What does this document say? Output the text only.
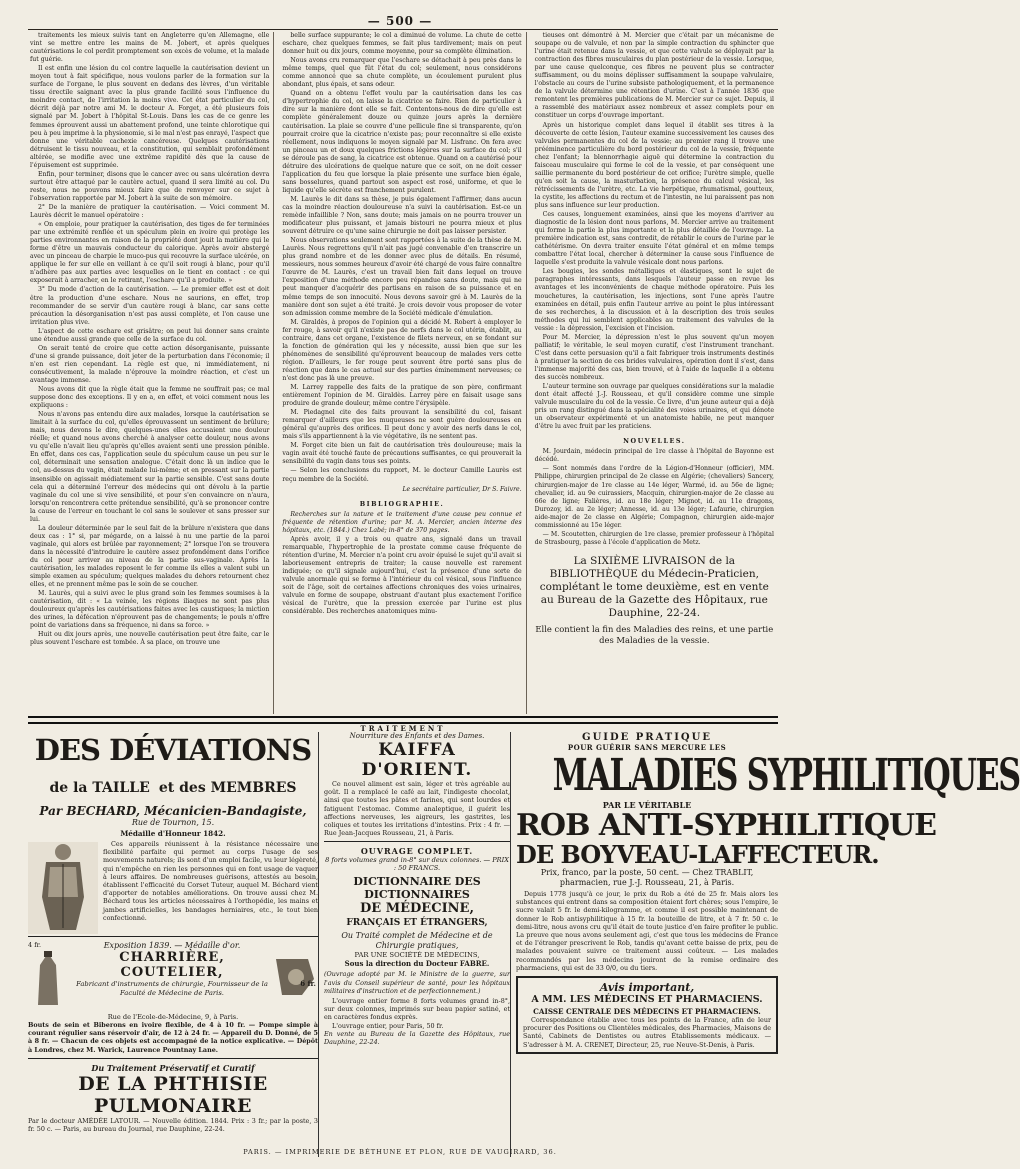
— 500 —

traitements les mieux suivis tant en Angleterre qu'en Allemagne, elle vint se mettre entre les mains de M. Jobert, et après quelques cautérisations le col perdit promptement son excès de volume, et la malade fut guérie.

Il est enfin une lésion du col contre laquelle la cautérisation devient un moyen tout à fait spécifique, nous voulons parler de la formation sur la surface de l'organe, le plus souvent en dedans des lèvres, d'un véritable tissu érectile saignant avec la plus grande facilité sous l'influence du moindre contact, de l'irritation la moins vive. Cet état particulier du col, décrit déjà par notre ami M. le docteur A. Forget, a été plusieurs fois signalé par M. Jobert à l'hôpital St-Louis. Dans les cas de ce genre les femmes éprouvent aussi un abattement profond, une teinte chlorotique qui peu à peu imprime à la physionomie, si le mal n'est pas enrayé, l'aspect que donne une véritable cachexie cancéreuse. Quelques cautérisations détruisent le tissu nouveau, et la constitution, qui semblait profondément altérée, se modifie avec une extrême rapidité dès que la cause de l'épuisement est supprimée.

Enfin, pour terminer, disons que le cancer avec ou sans ulcération devra surtout être attaqué par le cautère actuel, quand il sera limité au col. Du reste, nous ne pouvons mieux faire que de renvoyer sur ce sujet à l'observation rapportée par M. Jobert à la suite de son mémoire.

2° De la manière de pratiquer la cautérisation. — Voici comment M. Laurès décrit le manuel opératoire :

« On emploie, pour pratiquer la cautérisation, des tiges de fer terminées par une extrémité renflée et un spéculum plein en ivoire qui protège les parties environnantes en raison de la propriété dont jouit la matière qui le forme d'être un mauvais conducteur du calorique. Après avoir abstergé avec un pinceau de charpie le muco-pus qui recouvre la surface ulcérée, on applique le fer sur elle en veillant à ce qu'il soit rougi à blanc, pour qu'il n'adhère pas aux parties avec lesquelles on le tient en contact : ce qui exposerait à arracher, en le retirant, l'eschare qu'il a produite. »

3° Du mode d'action de la cautérisation. — Le premier effet est et doit être la production d'une eschare. Nous ne saurions, en effet, trop recommander de se servir d'un cautère rougi à blanc, car sans cette précaution la désorganisation n'est pas aussi complète, et l'on cause une irritation plus vive.

L'aspect de cette eschare est grisâtre; on peut lui donner sans crainte une étendue aussi grande que celle de la surface du col.

On serait tenté de croire que cette action désorganisante, puissante d'une si grande puissance, doit jeter de la perturbation dans l'économie; il n'en est rien cependant. La règle est que, ni immédiatement, ni consécutivement, la malade n'éprouve la moindre réaction, et c'est un avantage immense.

Nous avons dit que la règle était que la femme ne souffrait pas; ce mal suppose donc des exceptions. Il y en a, en effet, et voici comment nous les expliquons :

Nous n'avons pas entendu dire aux malades, lorsque la cautérisation se limitait à la surface du col, qu'elles éprouvassent un sentiment de brûlure; mais, nous devons le dire, quelques-unes elles accusaient une douleur réelle; et quand nous avons cherché à analyser cette douleur, nous avons vu qu'elle n'avait lieu qu'après qu'elles avaient senti une pression pénible. En effet, dans ces cas, l'application seule du spéculum cause un peu sur le col, déterminait une sensation analogue. C'était donc là un indice que le col, au-dessus du vagin, était malade lui-même; et en pressant sur la partie insensible on agissait médiatement sur la partie sensible. C'est sans doute cela qui a déterminé l'erreur des médecins qui ont dévolu à la partie vaginale du col une si vive sensibilité, et pour s'en convaincre on n'aura, lorsqu'on rencontrera cette prétendue sensibilité, qu'à se prononcer contre la cause de l'erreur en touchant le col sans le soulever et sans presser sur lui.

La douleur déterminée par le seul fait de la brûlure n'existera que dans deux cas : 1° si, par mégarde, on a laissé à nu une partie de la paroi vaginale, qui alors est brûlée par rayonnement; 2° lorsque l'on se trouvera dans la nécessité d'introduire le cautère assez profondément dans l'orifice du col pour arriver au niveau de la partie sus-vaginale. Après la cautérisation, les malades reposent le fer comme ils elles a valent subi un simple examen au spéculum; quelques malades du dehors retournent chez elles, et ne prennent même pas le soin de se coucher.

M. Laurès, qui a suivi avec le plus grand soin les femmes soumises à la cautérisation, dit : « La veinée, les régions iliaques ne sont pas plus douloureux qu'après les cautérisations faites avec les caustiques; la miction des urines, la défécation n'éprouvent pas de changements; le pouls n'offre point de variations dans sa fréquence, ni dans sa force. »

Huit ou dix jours après, une nouvelle cautérisation peut être faite, car le plus souvent l'eschare est tombée. À sa place, on trouve une

belle surface suppurante; le col a diminué de volume. La chute de cette eschare, chez quelques femmes, se fait plus tardivement; mais on peut donner huit ou dix jours, comme moyenne, pour sa complète élimination.

Nous avons cru remarquer que l'eschare se détachait à peu près dans le même temps, quel que fût l'état du col; seulement, nous considérons comme annoncé que sa chute complète, un écoulement purulent plus abondant, plus épais, et sans odeur.

Quand on a obtenu l'effet voulu par la cautérisation dans les cas d'hypertrophie du col, on laisse la cicatrice se faire. Rien de particulier à dire sur la manière dont elle se fait. Contentons-nous de dire qu'elle est complète généralement douze ou quinze jours après la dernière cautérisation. La plaie se couvre d'une pellicule fine si transparente, qu'on pourrait croire que la cicatrice n'existe pas; pour reconnaître si elle existe réellement, nous indiquons le moyen signalé par M. Lisfranc. On fera avec un pinceau un et doux quelques frictions légères sur la surface du col; s'il se déroule pas de sang, la cicatrice est obtenue. Quand on a cautérisé pour détruire des ulcérations de quelque nature que ce soit, on ne doit cesser l'application du feu que lorsque la plaie présente une surface bien égale, sans bosselures, quand partout son aspect est rosé, uniforme, et que le liquide qu'elle sécrète est franchement purulent.

M. Laurès le dit dans sa thèse, je puis également l'affirmer, dans aucun cas la moindre réaction douloureuse n'a suivi la cautérisation. Est-ce un remède infaillible ? Non, sans doute; mais jamais on ne pourra trouver un modificateur plus puissant, et jamais bistouri ne pourra mieux et plus souvent détruire ce qu'une saine chirurgie ne doit pas laisser persister.

Nous observations seulement sont rapportées à la suite de la thèse de M. Laurès. Nous regrettons qu'il n'ait pas jugé convenable d'en transcrire un plus grand nombre et de les donner avec plus de détails. En résumé, messieurs, nous sommes heureux d'avoir été chargé de vous faire connaître l'œuvre de M. Laurès, c'est un travail bien fait dans lequel on trouve l'exposition d'une méthode encore peu répandue sans doute, mais qui ne peut manquer d'acquérir des partisans en raison de sa puissance et en même temps de son innocuité. Nous devons savoir gré à M. Laurès de la manière dont son sujet a été traité. Je crois devoir vous proposer de voter son admission comme membre de la Société médicale d'émulation.

M. Giraldès, à propos de l'opinion qui a décidé M. Robert à employer le fer rouge, à savoir qu'il n'existe pas de nerfs dans le col utérin, établit, au contraire, dans cet organe, l'existence de filets nerveux, en se fondant sur la fonction de génération qui les y nécessite, aussi bien que sur les phénomènes de sensibilité qu'éprouvent beaucoup de malades vers cette région. D'ailleurs, le fer rouge peut souvent être porté sans plus de réaction que dans le cas actuel sur des parties éminemment nerveuses; ce n'est donc pas là une preuve.

M. Larrey rappelle des faits de la pratique de son père, confirmant entièrement l'opinion de M. Giraldès. Larrey père en faisait usage sans produire de grande douleur, même contre l'érysipèle.

M. Piedagnel cite des faits prouvant la sensibilité du col, faisant remarquer d'ailleurs que les muqueuses ne sont guère douloureuses en général qu'auprès des orifices. Il peut donc y avoir des nerfs dans le col, mais s'ils appartiennent à la vie végétative, ils ne sentent pas.

M. Forget cite bien un fait de cautérisation très douloureuse; mais la vagin avait été touché faute de précautions suffisantes, ce qui prouverait la sensibilité du vagin dans tous ses points.

— Selon les conclusions du rapport, M. le docteur Camille Laurès est reçu membre de la Société.

Le secrétaire particulier, Dr S. Faivre.
BIBLIOGRAPHIE.

Recherches sur la nature et le traitement d'une cause peu connue et fréquente de rétention d'urine; par M. A. Mercier, ancien interne des hôpitaux, etc. (1844.) Chez Labé; in-8° de 370 pages.

Après avoir, il y a trois ou quatre ans, signalé dans un travail remarquable, l'hypertrophie de la prostate comme cause fréquente de rétention d'urine, M. Mercier n'a point cru avoir épuisé le sujet qu'il avait si laborieusement entrepris de traiter; la cause nouvelle est rarement indiquée; ce qu'il signale aujourd'hui, c'est la présence d'une sorte de valvule anormale qui se forme à l'intérieur du col vésical, sous l'influence soit de l'âge, soit de certaines affections chroniques des voies urinaires, valvule en forme de soupape, obstruant d'autant plus exactement l'orifice vésical de l'urètre, que la pression exercée par l'urine est plus considérable. Des recherches anatomiques minu-

tieuses ont démontré à M. Mercier que c'était par un mécanisme de soupape ou de valvule, et non par la simple contraction du sphincter que l'urine était retenue dans la vessie, et que cette valvule se déployait par la contraction des fibres musculaires du plan postérieur de la vessie. Lorsque, par une cause quelconque, ces fibres ne peuvent plus se contracter suffisamment, ou du moins déplisser suffisamment la soupape valvulaire, l'obstacle au cours de l'urine subsiste pathologiquement, et la permanence de la valvule détermine une rétention d'urine. C'est à l'année 1836 que remontent les premières publications de M. Mercier sur ce sujet. Depuis, il a rassemblé des matériaux assez nombreux et assez complets pour en constituer un corps d'ouvrage important.

Après un historique complet dans lequel il établit ses titres à la découverte de cette lésion, l'auteur examine successivement les causes des valvules permanentes du col de la vessie; au premier rang il trouve une prééminence particulière du bord postérieur du col de la vessie, fréquente chez l'enfant; la blennorrhagie aiguë qui détermine la contraction du faisceau musculaire qui forme le col de la vessie, et par conséquent une saillie permanente du bord postérieur de cet orifice; l'urètre simple, quelle qu'en soit la cause, la masturbation, la présence du calcul vésical, les rétrécissements de l'urètre, etc. La vie herpétique, rhumatismal, goutteux, la cystite, les affections du rectum et de l'intestin, ne lui paraissent pas non plus sans influence sur leur production.

Ces causes, longuement examinées, ainsi que les moyens d'arriver au diagnostic de la lésion dont nous parlons, M. Mercier arrive au traitement qui forme la partie la plus importante et la plus détaillée de l'ouvrage. La première indication est, sans contredit, de rétablir le cours de l'urine par le cathétérisme. On devra traiter ensuite l'état général et en même temps combattre l'état local, chercher à déterminer la cause sous l'influence de laquelle s'est produite la valvule vésicale dont nous parlons.

Les bougies, les sondes métalliques et élastiques, sont le sujet de paragraphes intéressants, dans lesquels l'auteur passe en revue les avantages et les inconvénients de chaque méthode opératoire. Puis les mouchetures, la cautérisation, les injections, sont l'une après l'autre examinées en détail, puis enfin l'auteur arrive au point le plus intéressant de ses recherches, à la discussion et à la description des trois seules méthodes qui lui semblent applicables au traitement des valvules de la vessie : la dépression, l'excision et l'incision.

Pour M. Mercier, la dépression n'est le plus souvent qu'un moyen palliatif; le véritable, le seul moyen curatif, c'est l'instrument tranchant. C'est dans cette persuasion qu'il a fait fabriquer trois instruments destinés à pratiquer la section de ces brides valvulaires, opération dont il s'est, dans l'immense majorité des cas, bien trouvé, et à l'aide de laquelle il a obtenu des succès nombreux.

L'auteur termine son ouvrage par quelques considérations sur la maladie dont était affecté J.-J. Rousseau, et qu'il considère comme une simple valvule musculaire du col de la vessie. Ce livre, d'un jeune auteur qui a déjà pris un rang distingué dans la spécialité des voies urinaires, et qui dénote un observateur expérimenté et un anatomiste habile, ne peut manquer d'être lu avec fruit par les praticiens.

NOUVELLES.

M. Jourdain, médecin principal de 1re classe à l'hôpital de Bayonne est décédé.

— Sont nommés dans l'ordre de la Légion-d'Honneur (officier), MM. Philippe, chirurgien principal de 2e classe en Algérie; (chevaliers) Sancery, chirurgien-major de 1re classe au 14e léger, Warmé, id. au 56e de ligne; chevalier, id. au 9e cuirassiers, Macquin, chirurgien-major de 2e classe au 66e de ligne; Falières, id. au 18e léger; Mignot, id. au 11e dragons, Durozoy, id. au 2e léger; Annesse, id. au 13e léger; Lafaurie, chirurgien aide-major de 2e classe en Algérie; Compagnon, chirurgien aide-major commissionné au 15e léger.

— M. Scoutetten, chirurgien de 1re classe, premier professeur à l'hôpital de Strasbourg, passe à l'école d'application de Metz.

La SIXIÈME LIVRAISON de la BIBLIOTHÈQUE du Médecin-Praticien, complétant le tome deuxième, est en vente au Bureau de la Gazette des Hôpitaux, rue Dauphine, 22-24.
Elle contient la fin des Maladies des reins, et une partie des Maladies de la vessie.
TRAITEMENT
DES DÉVIATIONS de la TAILLE et des MEMBRES
Par BECHARD, Mécanicien-Bandagiste,
Rue de Tournon, 15.
Médaille d'Honneur 1842.
Ces appareils réunissent à la résistance nécessaire une flexibilité parfaite qui permet au corps l'usage de ses mouvements naturels; ils sont d'un emploi facile, vu leur légèreté, qui n'empêche en rien les personnes qui en font usage de vaquer à leurs affaires. De nombreuses guérisons, attestés au besoin, établissent l'efficacité du Corset Tuteur, auquel M. Béchard vient d'apporter de notables améliorations. On trouve aussi chez M. Béchard tous les articles nécessaires à l'orthopédie, les mains et jambes artificielles, les bandages herniaires, etc., le tout bien confectionné.
4 fr.	Exposition 1839. — Médaille d'or.
CHARRIÈRE, COUTELIER,
Fabricant d'instruments de chirurgie, Fournisseur de la Faculté de Médecine de Paris.
6 fr.
Rue de l'Ecole-de-Médecine, 9, à Paris.
Bouts de sein et Biberons en ivoire flexible, de 4 à 10 fr. — Pompe simple à courant régulier sans réservoir d'air, de 12 à 24 fr. — Appareil du D. Donné, de 5 à 8 fr. — Chacun de ces objets est accompagné de la notice explicative. — Dépôt à Londres, chez M. Warick, Laurence Pountnay Lane.
Du Traitement Préservatif et Curatif
DE LA PHTHISIE PULMONAIRE
Par le docteur AMÉDÉE LATOUR. — Nouvelle édition. 1844. Prix : 3 fr.; par la poste, 3 fr. 50 c. — Paris, au bureau du Journal, rue Dauphine, 22-24.
Nourriture des Enfants et des Dames.
KAIFFA D'ORIENT.
Ce nouvel aliment est sain, léger et très agréable au goût. Il a remplacé le café au lait, l'indigeste chocolat, ainsi que toutes les pâtes et farines, qui sont lourdes et fatiguent l'estomac. Comme analeptique, il guérit les affections nerveuses, les aigreurs, les gastrites, les coliques et toutes les irritations d'intestins. Prix : 4 fr. — Rue Jean-Jacques Rousseau, 21, à Paris.
OUVRAGE COMPLET.
8 forts volumes grand in-8° sur deux colonnes. — PRIX : 50 FRANCS.
DICTIONNAIRE DES DICTIONNAIRES
DE MÉDECINE,
FRANÇAIS ET ÉTRANGERS,
Ou Traité complet de Médecine et de Chirurgie pratiques,
PAR UNE SOCIÉTÉ DE MÉDECINS,
Sous la direction du Docteur FABRE.
(Ouvrage adopté par M. le Ministre de la guerre, sur l'avis du Conseil supérieur de santé, pour les hôpitaux militaires d'instruction et de perfectionnement.)
L'ouvrage entier forme 8 forts volumes grand in-8°, sur deux colonnes, imprimés sur beau papier satiné, et en caractères fondus exprès.
L'ouvrage entier, pour Paris, 50 fr.
En vente au Bureau de la Gazette des Hôpitaux, rue Dauphine, 22-24.
GUIDE PRATIQUE
POUR GUÉRIR SANS MERCURE LES
MALADIES SYPHILITIQUES
PAR LE VÉRITABLE
ROB ANTI-SYPHILITIQUE
DE BOYVEAU-LAFFECTEUR.
Prix, franco, par la poste, 50 cent. — Chez TRABLIT, pharmacien, rue J.-J. Rousseau, 21, à Paris.
Depuis 1778 jusqu'à ce jour, le prix du Rob a été de 25 fr. Mais alors les substances qui entrent dans sa composition étaient fort chères; sous l'empire, le sucre valait 5 fr. le demi-kilogramme, et comme il est possible maintenant de donner le Rob antisyphilitique à 15 fr. la bouteille de litre, et à 7 fr. 50 c. le demi-litre, nous avons cru qu'il était de toute justice d'en faire profiter le public. La preuve que nous avons seulement agi, c'est que tous les médecins de France et de l'étranger prescrivent le Rob, tandis qu'avant cette baisse de prix, peu de malades pouvaient suivre ce traitement aussi coûteux. — Les malades recommandés par les médecins jouiront de la remise ordinaire des pharmaciens, qui est de 33 0/0, ou du tiers.
Avis important,
A MM. LES MÉDECINS ET PHARMACIENS.
CAISSE CENTRALE DES MÉDECINS ET PHARMACIENS.
Correspondance établie avec tous les points de la France, afin de leur procurer des Positions ou Clientèles médicales, des Pharmacies, Maisons de Santé, Cabinets de Dentistes ou autres Établissements médicaux. — S'adresser à M. A. CRENET, Directeur, 25, rue Neuve-St-Denis, à Paris.
PARIS. — IMPRIMERIE DE BÉTHUNE ET PLON, RUE DE VAUGIRARD, 36.
